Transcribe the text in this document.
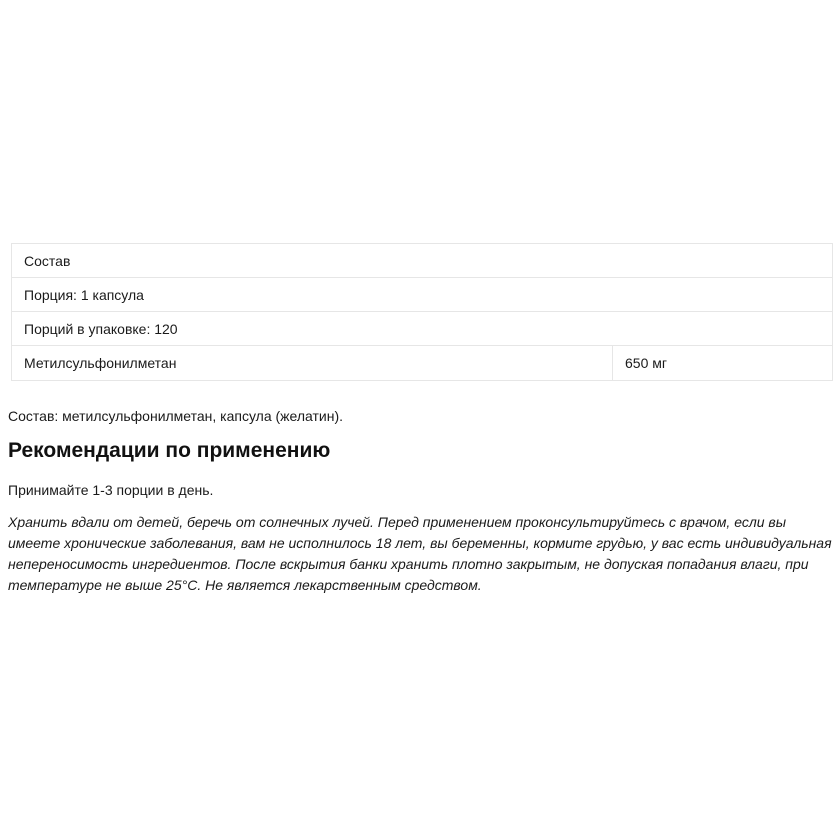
Состав
Порция: 1 капсула
Порций в упаковке: 120
Метилсульфонилметан	650 мг
Состав: метилсульфонилметан, капсула (желатин).
Рекомендации по применению
Принимайте 1-3 порции в день.

Хранить вдали от детей, беречь от солнечных лучей. Перед применением проконсультируйтесь с врачом, если вы имеете хронические заболевания, вам не исполнилось 18 лет, вы беременны, кормите грудью, у вас есть индивидуальная непереносимость ингредиентов. После вскрытия банки хранить плотно закрытым, не допуская попадания влаги, при температуре не выше 25°С. Не является лекарственным средством.
